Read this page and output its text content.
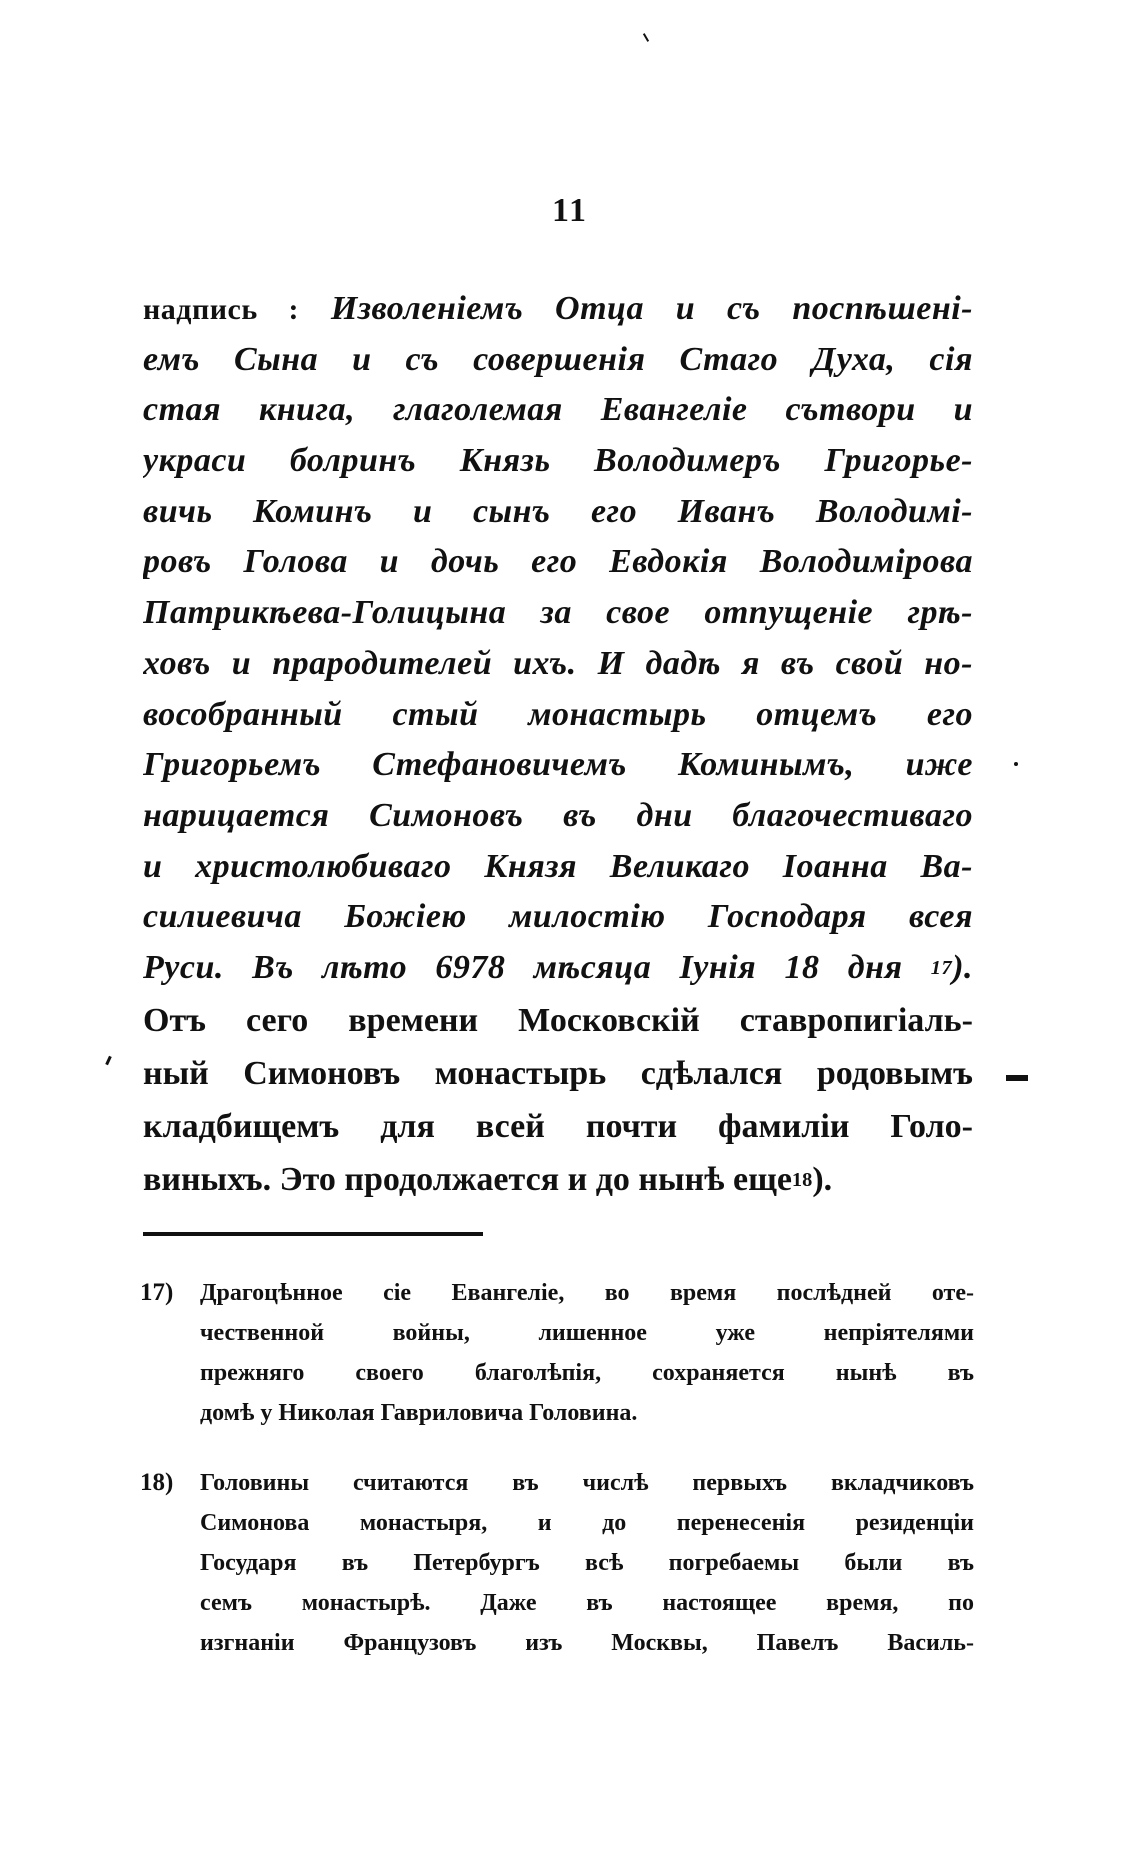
11
надпись : Изволеніемъ Отца и съ поспѣшені-
емъ Сына и съ совершенія Стаго Духа, сія
стая книга, глаголемая Евангеліе сътвори и
украси болринъ Князь Володимеръ Григорье-
вичь Коминъ и сынъ его Иванъ Володимі-
ровъ Голова и дочь его Евдокія Володимірова
Патрикѣева-Голицына за свое отпущеніе грѣ-
ховъ и прародителей ихъ. И дадѣ я въ свой но-
вособранный стый монастырь отцемъ его
Григорьемъ Стефановичемъ Коминымъ, иже
нарицается Симоновъ въ дни благочестиваго
и христолюбиваго Князя Великаго Іоанна Ва-
силиевича Божіею милостію Господаря всея
Руси. Въ лѣто 6978 мѣсяца Іунія 18 дня $^{17}$).
Отъ сего времени Московскій ставропигіаль-
ный Симоновъ монастырь сдѣлался родовымъ
кладбищемъ для всей почти фамиліи Голо-
виныхъ. Это продолжается и до нынѣ еще$^{18}$).
17) Драгоцѣнное сіе Евангеліе, во время послѣдней оте-
чественной войны, лишенное уже непріятелями
прежняго своего благолѣпія, сохраняется нынѣ въ
домѣ у Николая Гавриловича Головина.
18) Головины считаются въ числѣ первыхъ вкладчиковъ
Симонова монастыря, и до перенесенія резиденціи
Государя въ Петербургъ всѣ погребаемы были въ
семъ монастырѣ. Даже въ настоящее время, по
изгнаніи Французовъ изъ Москвы, Павелъ Василь-
